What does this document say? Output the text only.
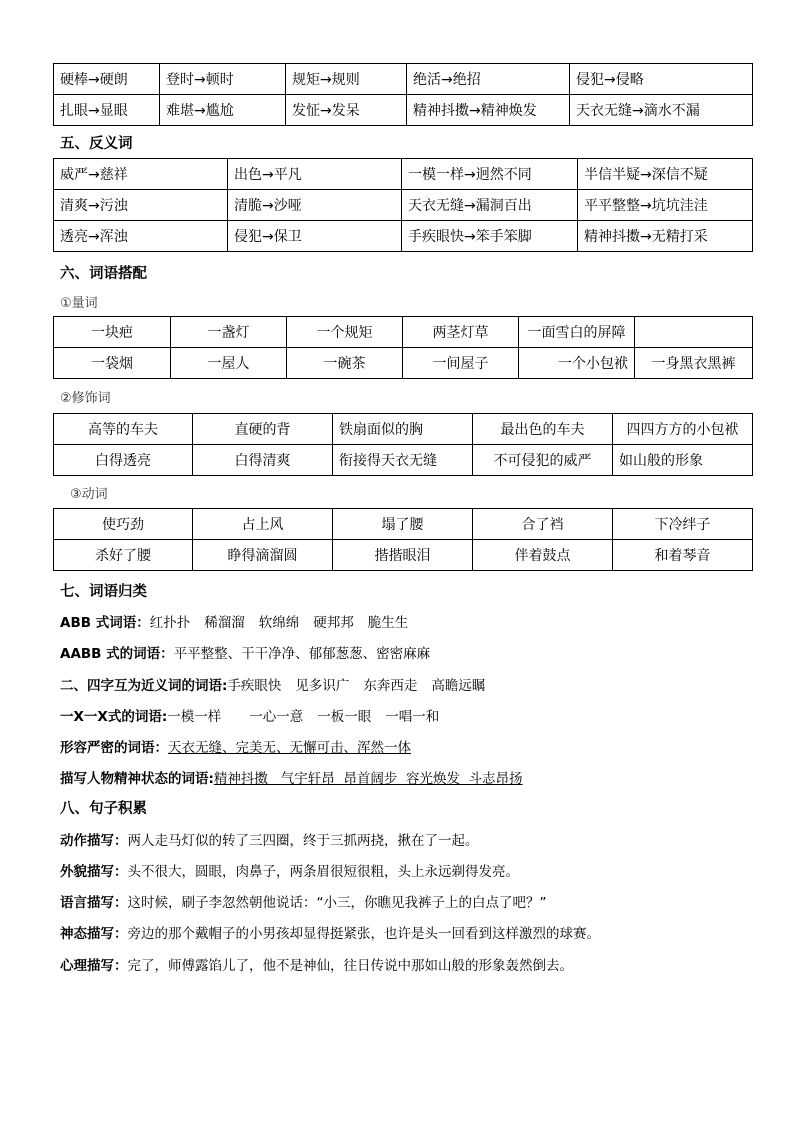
硬棒→硬朗	登时→顿时	规矩→规则	绝活→绝招	侵犯→侵略
扎眼→显眼	难堪→尴尬	发怔→发呆	精神抖擞→精神焕发	天衣无缝→滴水不漏
五、反义词
威严→慈祥	出色→平凡	一模一样→迥然不同	半信半疑→深信不疑
清爽→污浊	清脆→沙哑	天衣无缝→漏洞百出	平平整整→坑坑洼洼
透亮→浑浊	侵犯→保卫	手疾眼快→笨手笨脚	精神抖擞→无精打采
六、词语搭配
①量词
一块疤	一盏灯	一个规矩	两茎灯草	一面雪白的屏障	
一袋烟	一屋人	一碗茶	一间屋子	一个小包袱	一身黑衣黑裤
②修饰词
高等的车夫	直硬的背	铁扇面似的胸	最出色的车夫	四四方方的小包袱
白得透亮	白得清爽	衔接得天衣无缝	不可侵犯的威严	如山般的形象
③动词
使巧劲	占上风	塌了腰	合了裆	下冷绊子
杀好了腰	睁得滴溜圆	揩揩眼泪	伴着鼓点	和着琴音
七、词语归类
ABB 式词语：红扑扑 稀溜溜 软绵绵 硬邦邦 脆生生
AABB 式的词语：平平整整、干干净净、郁郁葱葱、密密麻麻
二、四字互为近义词的词语:手疾眼快 见多识广 东奔西走 高瞻远瞩
一X一X式的词语:一模一样 一心一意 一板一眼 一唱一和
形容严密的词语：天衣无缝、完美无、无懈可击、浑然一体
描写人物精神状态的词语:精神抖擞   气宇轩昂  昂首阔步  容光焕发  斗志昂扬
八、句子积累
动作描写：两人走马灯似的转了三四圈，终于三抓两挠，揪在了一起。
外貌描写：头不很大，圆眼，肉鼻子，两条眉很短很粗，头上永远剃得发亮。
语言描写：这时候，刷子李忽然朝他说话：“小三，你瞧见我裤子上的白点了吧？”
神态描写：旁边的那个戴帽子的小男孩却显得挺紧张，也许是头一回看到这样激烈的球赛。
心理描写：完了，师傅露馅儿了，他不是神仙，往日传说中那如山般的形象轰然倒去。
